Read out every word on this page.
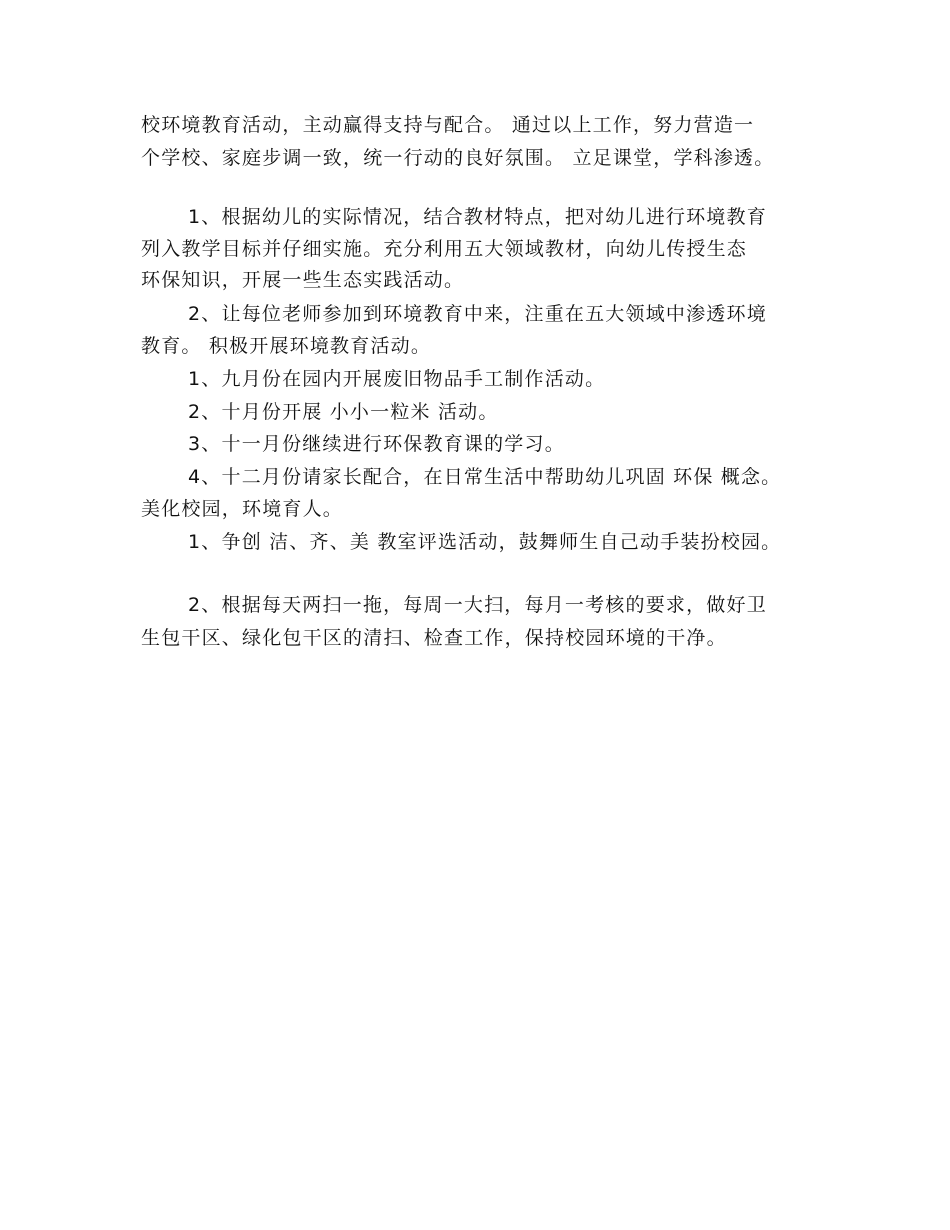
校环境教育活动，主动赢得支持与配合。 通过以上工作，努力营造一
个学校、家庭步调一致，统一行动的良好氛围。 立足课堂，学科渗透。
1、根据幼儿的实际情况，结合教材特点，把对幼儿进行环境教育
列入教学目标并仔细实施。充分利用五大领域教材，向幼儿传授生态
环保知识，开展一些生态实践活动。
2、让每位老师参加到环境教育中来，注重在五大领域中渗透环境
教育。 积极开展环境教育活动。
1、九月份在园内开展废旧物品手工制作活动。
2、十月份开展 小小一粒米 活动。
3、十一月份继续进行环保教育课的学习。
4、十二月份请家长配合，在日常生活中帮助幼儿巩固 环保 概念。
美化校园，环境育人。
1、争创 洁、齐、美 教室评选活动，鼓舞师生自己动手装扮校园。
2、根据每天两扫一拖，每周一大扫，每月一考核的要求，做好卫
生包干区、绿化包干区的清扫、检查工作，保持校园环境的干净。
